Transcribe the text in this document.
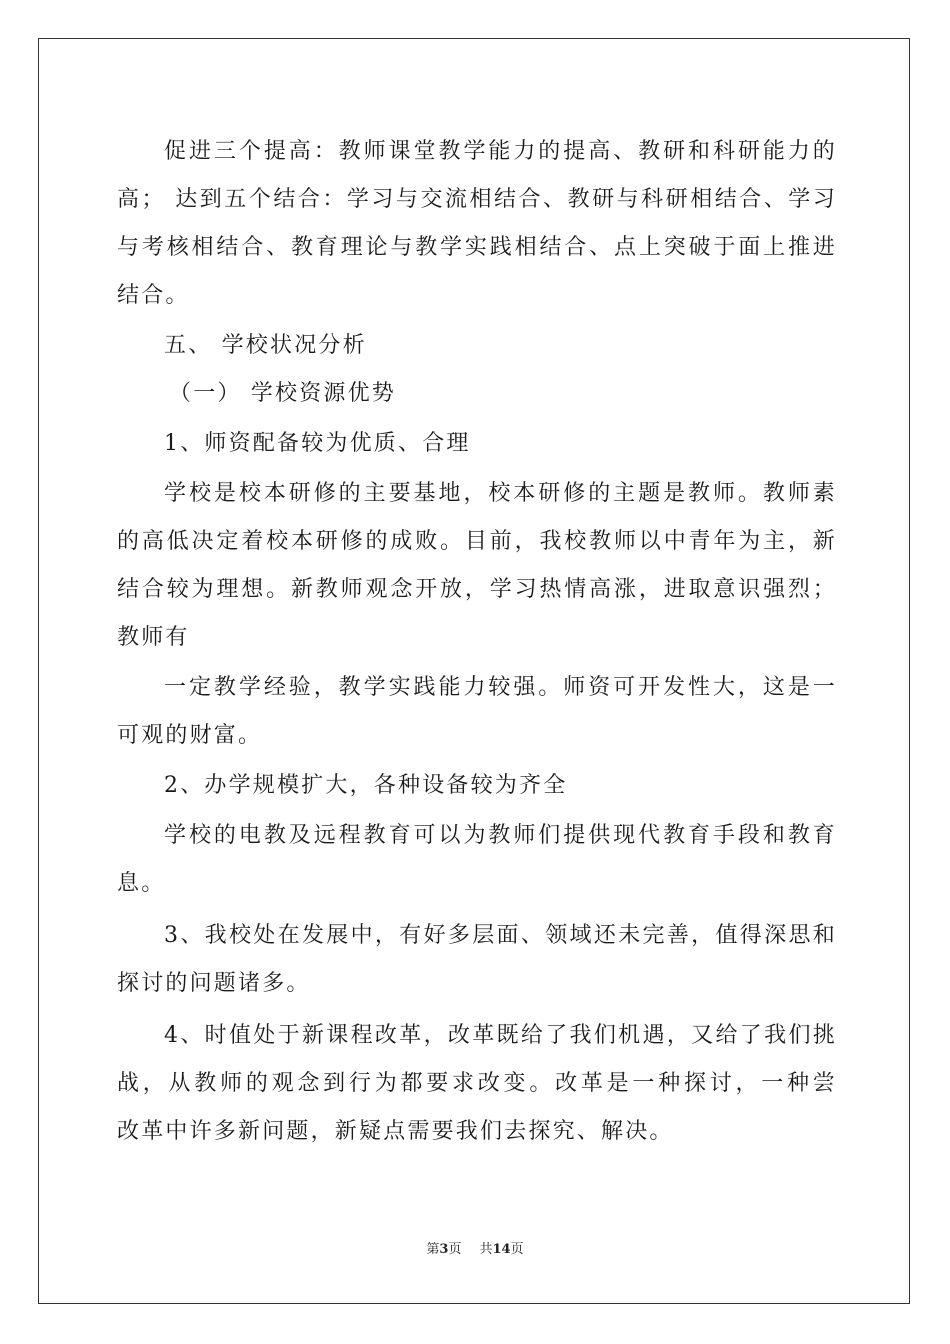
促进三个提高：教师课堂教学能力的提高、教研和科研能力的
高； 达到五个结合：学习与交流相结合、教研与科研相结合、学习
与考核相结合、教育理论与教学实践相结合、点上突破于面上推进
结合。
五、 学校状况分析
（一） 学校资源优势
1、师资配备较为优质、合理
学校是校本研修的主要基地，校本研修的主题是教师。教师素
的高低决定着校本研修的成败。目前，我校教师以中青年为主，新
结合较为理想。新教师观念开放，学习热情高涨，进取意识强烈；
教师有
一定教学经验，教学实践能力较强。师资可开发性大，这是一
可观的财富。
2、办学规模扩大，各种设备较为齐全
学校的电教及远程教育可以为教师们提供现代教育手段和教育
息。
3、我校处在发展中，有好多层面、领域还未完善，值得深思和
探讨的问题诸多。
4、时值处于新课程改革，改革既给了我们机遇，又给了我们挑
战，从教师的观念到行为都要求改变。改革是一种探讨，一种尝
改革中许多新问题，新疑点需要我们去探究、解决。
第3页 共14页
